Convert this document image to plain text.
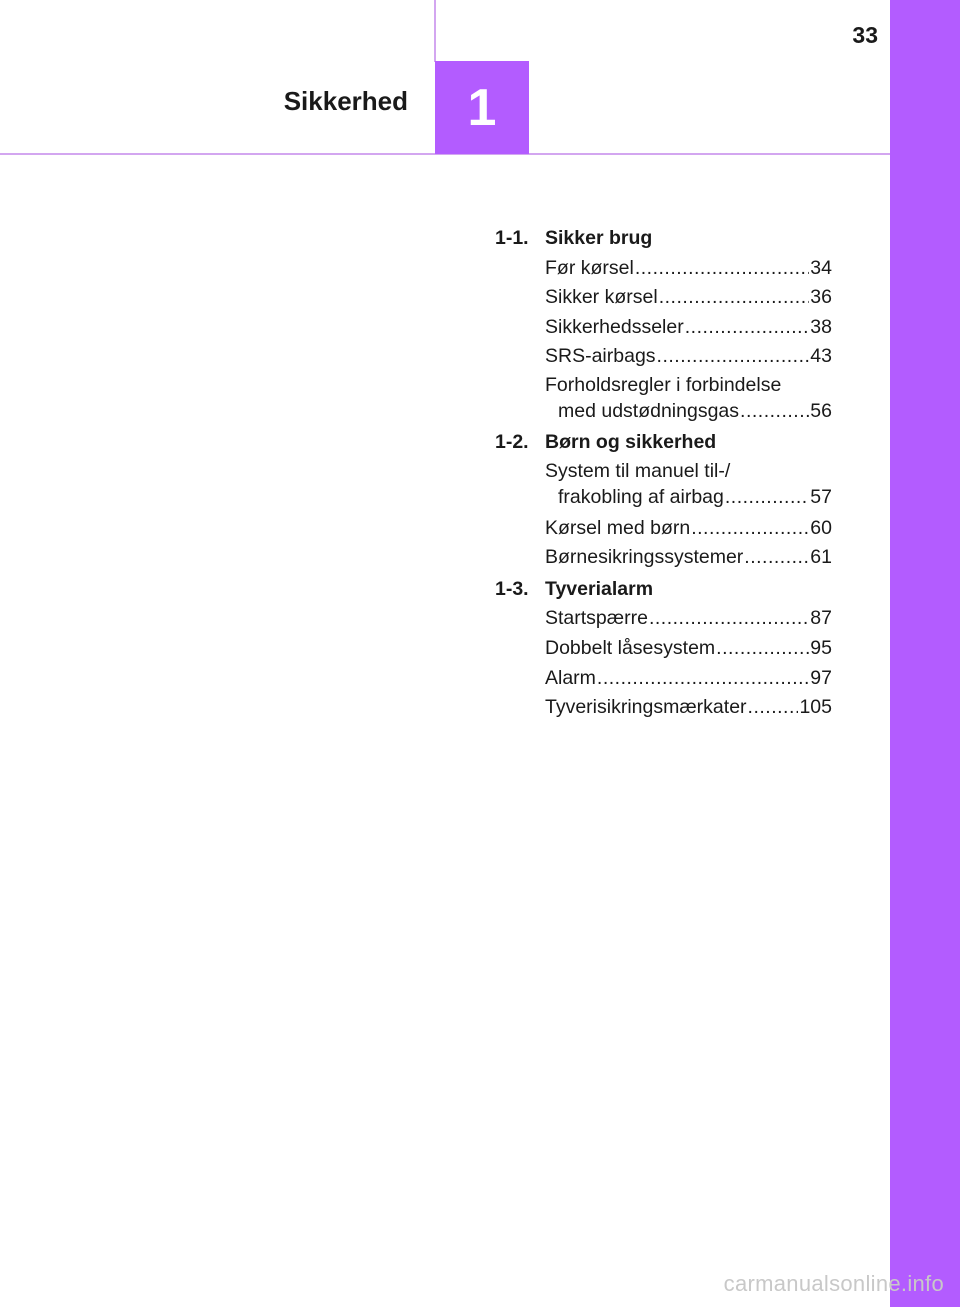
33
Sikkerhed 1
1-1. Sikker brug
Før kørsel .....	34
Sikker kørsel .....	36
Sikkerhedsseler .....	38
SRS-airbags .....	43
Forholdsregler i forbindelse
med udstødningsgas .....	56
1-2. Børn og sikkerhed
System til manuel til-/
frakobling af airbag .....	57
Kørsel med børn .....	60
Børnesikringssystemer .....	61
1-3. Tyverialarm
Startspærre .....	87
Dobbelt låsesystem .....	95
Alarm .....	97
Tyverisikringsmærkater .....	105
carmanualsonline.info
